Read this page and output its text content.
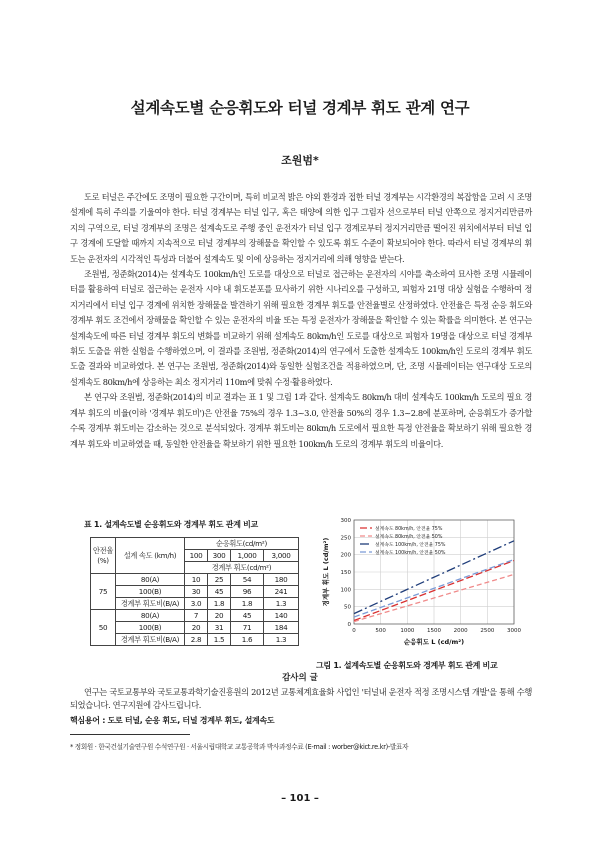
설계속도별 순응휘도와 터널 경계부 휘도 관계 연구
조원범*

도로 터널은 주간에도 조명이 필요한 구간이며, 특히 비교적 밝은 야외 환경과 접한 터널 경계부는 시각환경의 복잡함을 고려 시 조명 설계에 특히 주의를 기울여야 한다. 터널 경계부는 터널 입구, 혹은 태양에 의한 입구 그림자 선으로부터 터널 안쪽으로 정지거리만큼까지의 구역으로, 터널 경계부의 조명은 설계속도로 주행 중인 운전자가 터널 입구 경계로부터 정지거리만큼 떨어진 위치에서부터 터널 입구 경계에 도달할 때까지 지속적으로 터널 경계부의 장해물을 확인할 수 있도록 휘도 수준이 확보되어야 한다. 따라서 터널 경계부의 휘도는 운전자의 시각적인 특성과 더불어 설계속도 및 이에 상응하는 정지거리에 의해 영향을 받는다.

조원범, 정준화(2014)는 설계속도 100km/h인 도로를 대상으로 터널로 접근하는 운전자의 시야를 축소하여 묘사한 조명 시뮬레이터를 활용하여 터널로 접근하는 운전자 시야 내 휘도분포를 묘사하기 위한 시나리오를 구성하고, 피험자 21명 대상 실험을 수행하여 정지거리에서 터널 입구 경계에 위치한 장해물을 발견하기 위해 필요한 경계부 휘도를 안전율별로 산정하였다. 안전율은 특정 순응 휘도와 경계부 휘도 조건에서 장해물을 확인할 수 있는 운전자의 비율 또는 특정 운전자가 장해물을 확인할 수 있는 확률을 의미한다. 본 연구는 설계속도에 따른 터널 경계부 휘도의 변화를 비교하기 위해 설계속도 80km/h인 도로를 대상으로 피험자 19명을 대상으로 터널 경계부 휘도 도출을 위한 실험을 수행하였으며, 이 결과를 조원범, 정준화(2014)의 연구에서 도출한 설계속도 100km/h인 도로의 경계부 휘도 도출 결과와 비교하였다. 본 연구는 조원범, 정준화(2014)와 동일한 실험조건을 적용하였으며, 단, 조명 시뮬레이터는 연구대상 도로의 설계속도 80km/h에 상응하는 최소 정지거리 110m에 맞춰 수정·활용하였다.

본 연구와 조원범, 정준화(2014)의 비교 결과는 표 1 및 그림 1과 같다. 설계속도 80km/h 대비 설계속도 100km/h 도로의 필요 경계부 휘도의 비율(이하 '경계부 휘도비')은 안전율 75%의 경우 1.3~3.0, 안전율 50%의 경우 1.3~2.8에 분포하며, 순응휘도가 증가할수록 경계부 휘도비는 감소하는 것으로 분석되었다. 경계부 휘도비는 80km/h 도로에서 필요한 특정 안전율을 확보하기 위해 필요한 경계부 휘도와 비교하였을 때, 동일한 안전율을 확보하기 위한 필요한 100km/h 도로의 경계부 휘도의 비율이다.

표 1. 설계속도별 순응휘도와 경계부 휘도 관계 비교
안전율 (%)	설계 속도 (km/h)	순응휘도(cd/m²)			
		100	300	1,000	3,000
		경계부 휘도(cd/m²)			
75	80(A)	10	25	54	180
	100(B)	30	45	96	241
	경계부 휘도비(B/A)	3.0	1.8	1.8	1.3
50	80(A)	7	20	45	140
	100(B)	20	31	71	184
	경계부 휘도비(B/A)	2.8	1.5	1.6	1.3
0
50
100
150
200
250
300
0	500	1000 1500 2000 2500 3000
설계속도 80km/h, 안전율 75%
설계속도 80km/h, 안전율 50%
설계속도 100km/h, 안전율 75%
설계속도 100km/h, 안전율 50%
순응휘도 L (cd/m²)
경계부 휘도 L (cd/m²)
그림 1. 설계속도별 순응휘도와 경계부 휘도 관계 비교
감사의 글
연구는 국토교통부와 국토교통과학기술진흥원의 2012년 교통체계효율화 사업인 '터널내 운전자 적정 조명시스템 개발'을 통해 수행되었습니다. 연구지원에 감사드립니다.
핵심용어 : 도로 터널, 순응 휘도, 터널 경계부 휘도, 설계속도
* 정회원 · 한국건설기술연구원 수석연구원 · 서울시립대학교 교통공학과 박사과정수료 (E-mail : worber@kict.re.kr)-발표자
– 101 –
